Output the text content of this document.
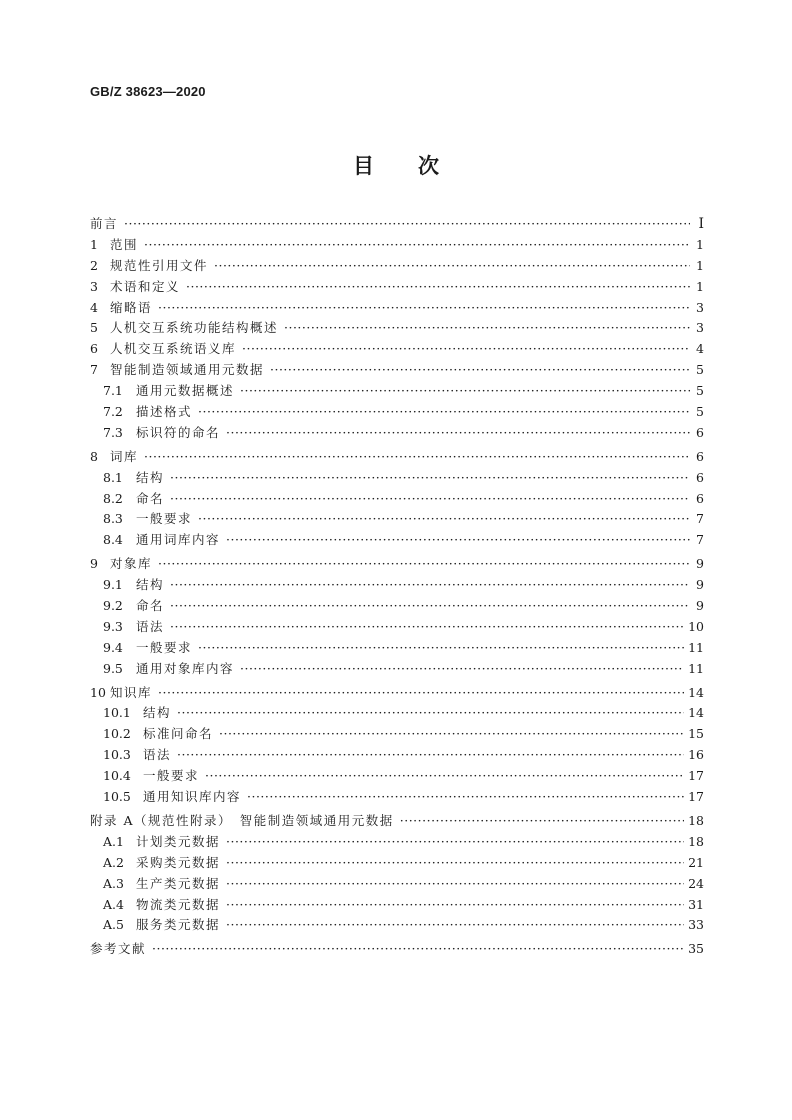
GB/Z 38623—2020
目 次
前言 ·····	Ⅰ
1 范围 ·····	1
2 规范性引用文件 ·····	1
3 术语和定义 ·····	1
4 缩略语 ·····	3
5 人机交互系统功能结构概述 ·····	3
6 人机交互系统语义库 ·····	4
7 智能制造领域通用元数据 ·····	5
7.1	通用元数据概述 ·····	5
7.2	描述格式 ·····	5
7.3	标识符的命名 ·····	6
8 词库 ·····	6
8.1	结构 ·····	6
8.2	命名 ·····	6
8.3	一般要求 ·····	7
8.4	通用词库内容 ·····	7
9 对象库 ·····	9
9.1	结构 ·····	9
9.2	命名 ·····	9
9.3	语法 ·····	10
9.4	一般要求 ·····	11
9.5	通用对象库内容 ·····	11
10 知识库 ·····	14
10.1 结构 ·····	14
10.2 标准问命名 ·····	15
10.3 语法 ·····	16
10.4 一般要求 ·····	17
10.5 通用知识库内容 ·····	17
附录 A（规范性附录）　智能制造领域通用元数据 ·····	18
A.1 计划类元数据 ·····	18
A.2 采购类元数据 ·····	21
A.3 生产类元数据 ·····	24
A.4 物流类元数据 ·····	31
A.5 服务类元数据 ·····	33
参考文献 ·····	35
